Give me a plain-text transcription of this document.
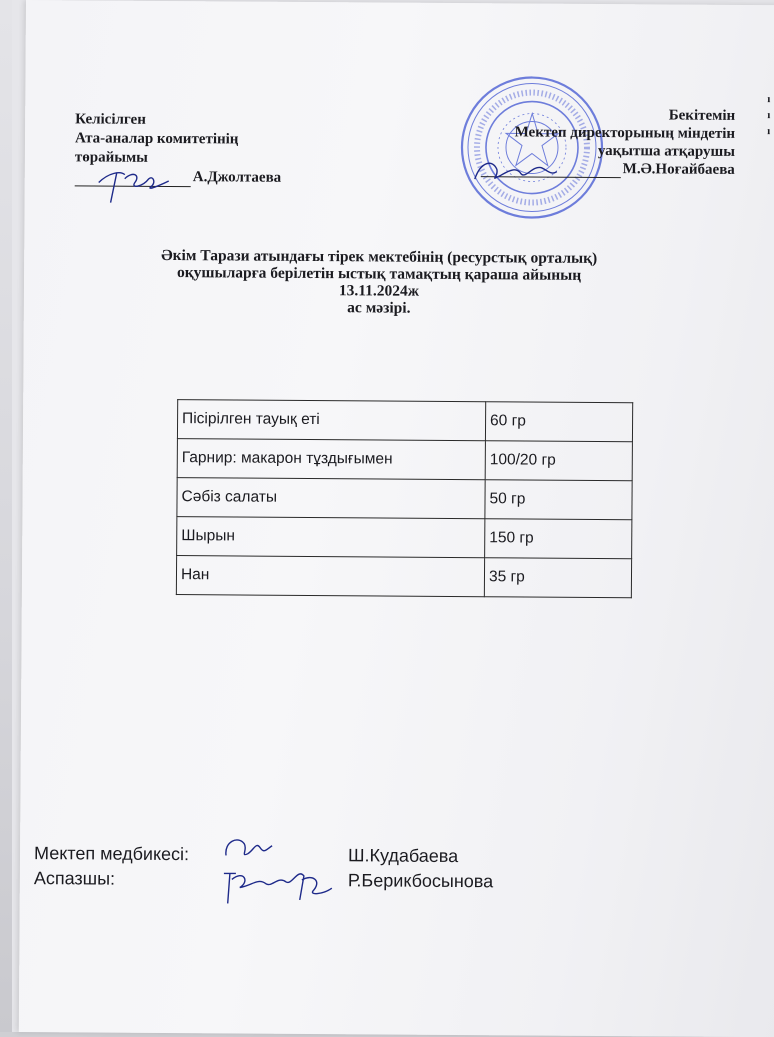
ı
ı
ı
Келісілген
Ата-аналар комитетінің
төрайымы
А.Джолтаева
Бекітемін
Мектеп директорының міндетін
уақытша атқарушы
М.Ә.Ноғайбаева
Әкім Тарази атындағы тірек мектебінің (ресурстық орталық)
оқушыларға берілетін ыстық тамақтың қараша айының
13.11.2024ж
ас мәзірі.
Пісірілген тауық еті	60 гр
Гарнир: макарон тұздығымен	100/20 гр
Сәбіз салаты	50 гр
Шырын	150 гр
Нан	35 гр
Мектеп медбикесі:	Ш.Кудабаева
Аспазшы:	Р.Берикбосынова
